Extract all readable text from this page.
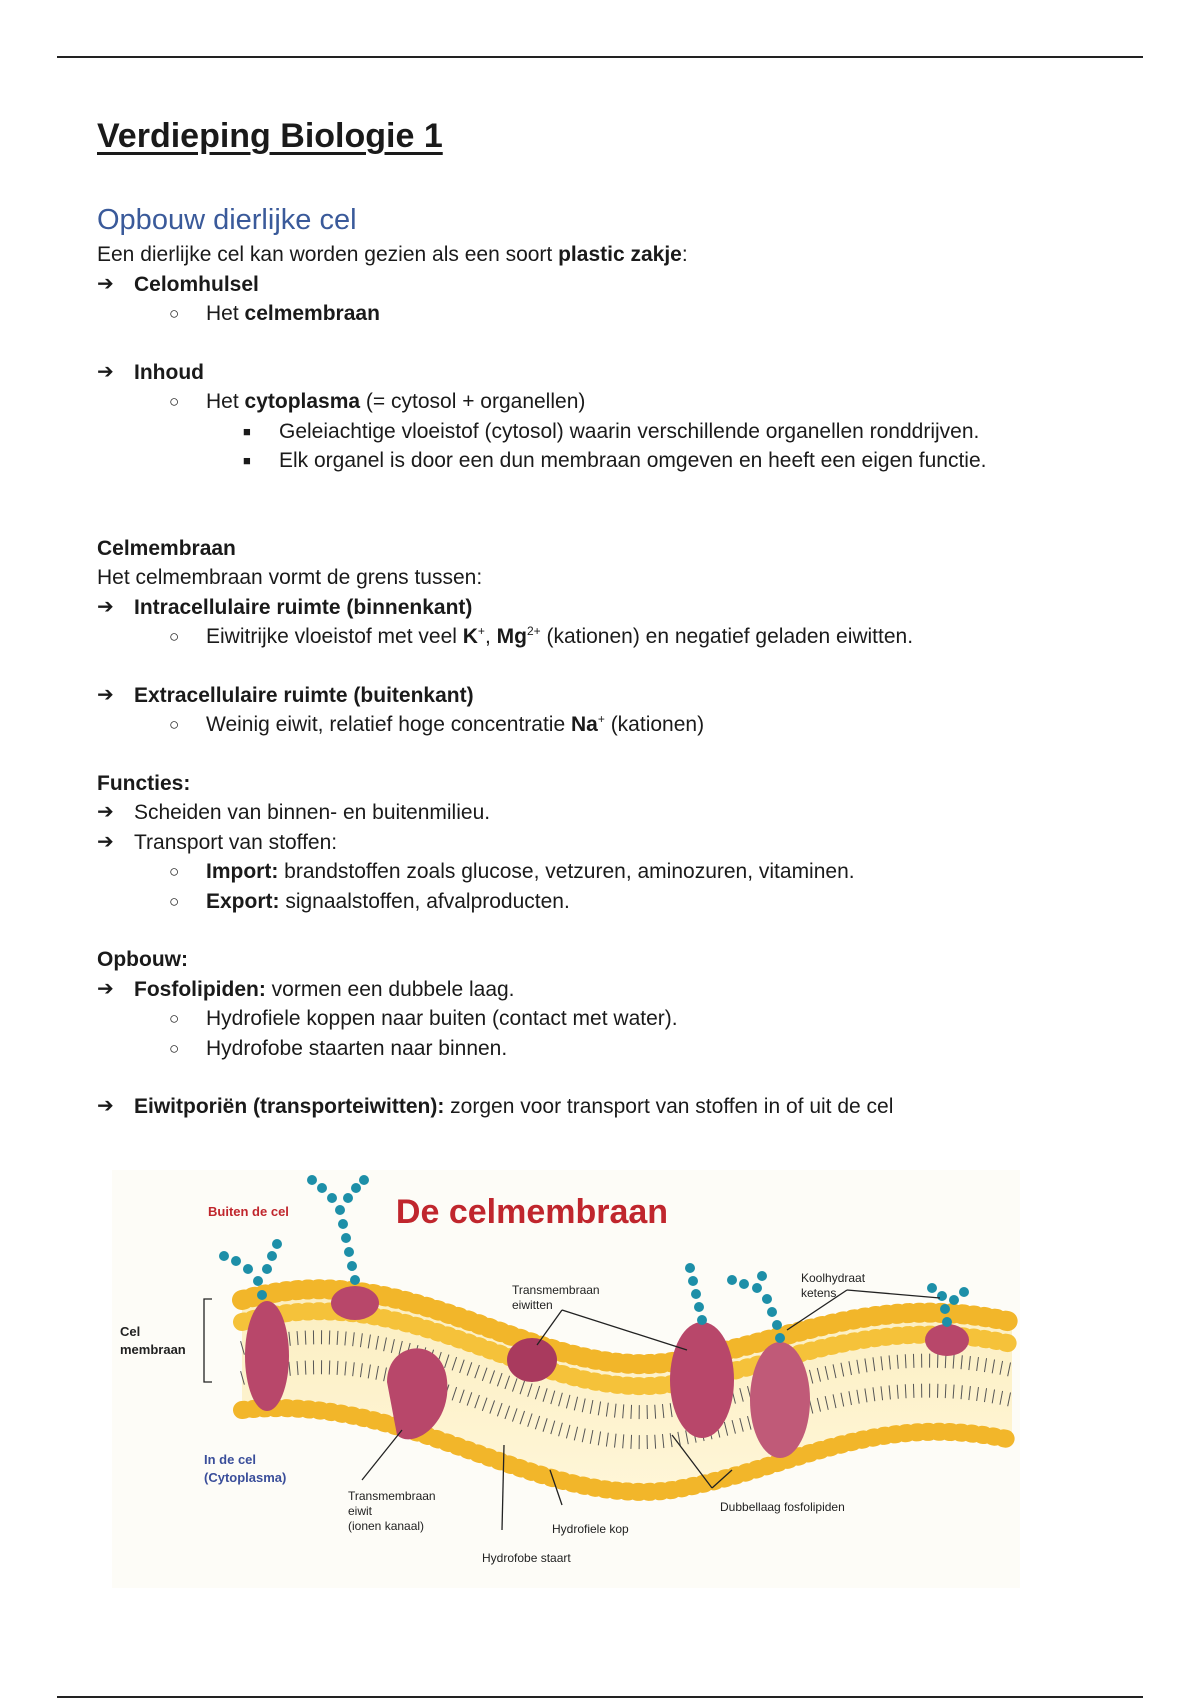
Verdieping Biologie 1
Opbouw dierlijke cel
Een dierlijke cel kan worden gezien als een soort plastic zakje:
➔ Celomhulsel
○ Het celmembraan
➔ Inhoud
○ Het cytoplasma (= cytosol + organellen)
■ Geleiachtige vloeistof (cytosol) waarin verschillende organellen ronddrijven.
■ Elk organel is door een dun membraan omgeven en heeft een eigen functie.
Celmembraan
Het celmembraan vormt de grens tussen:
➔ Intracellulaire ruimte (binnenkant)
○ Eiwitrijke vloeistof met veel K+, $Mg^{2+}$ (kationen) en negatief geladen eiwitten.
➔ Extracellulaire ruimte (buitenkant)
○ Weinig eiwit, relatief hoge concentratie Na+ (kationen)
Functies:
➔ Scheiden van binnen- en buitenmilieu.
➔ Transport van stoffen:
○ Import: brandstoffen zoals glucose, vetzuren, aminozuren, vitaminen.
○ Export: signaalstoffen, afvalproducten.
Opbouw:
➔ Fosfolipiden: vormen een dubbele laag.
○ Hydrofiele koppen naar buiten (contact met water).
○ Hydrofobe staarten naar binnen.
➔ Eiwitporiën (transporteiwitten): zorgen voor transport van stoffen in of uit de cel
De celmembraan
Buiten de cel
Cel
membraan
In de cel
(Cytoplasma)
Transmembraan
eiwitten
Koolhydraat
ketens
Transmembraan
eiwit
(ionen kanaal)	Hydrofiele kop
Hydrofobe staart
Dubbellaag fosfolipiden
